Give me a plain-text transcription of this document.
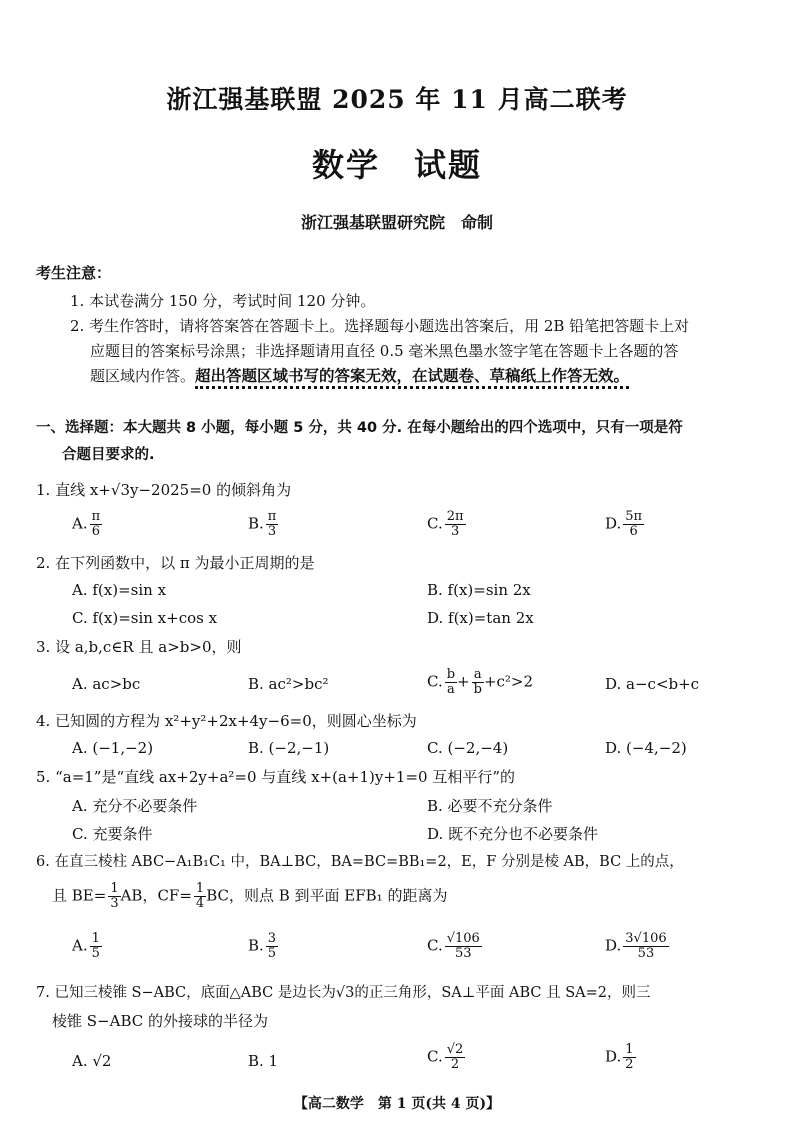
浙江强基联盟 2025 年 11 月高二联考
数学　试题
浙江强基联盟研究院　命制
考生注意：
1. 本试卷满分 150 分，考试时间 120 分钟。
2. 考生作答时，请将答案答在答题卡上。选择题每小题选出答案后，用 2B 铅笔把答题卡上对
应题目的答案标号涂黑；非选择题请用直径 0.5 毫米黑色墨水签字笔在答题卡上各题的答
题区域内作答。超出答题区域书写的答案无效，在试题卷、草稿纸上作答无效。
一、选择题：本大题共 8 小题，每小题 5 分，共 40 分. 在每小题给出的四个选项中，只有一项是符
合题目要求的.
1. 直线 x+√3y−2025=0 的倾斜角为
A. $\frac{\pi}{6}$	B. $\frac{\pi}{3}$	C. $\frac{2\pi}{3}$	D. $\frac{5\pi}{6}$
2. 在下列函数中，以 π 为最小正周期的是
A. f(x)=sin x	B. f(x)=sin 2x
C. f(x)=sin x+cos x	D. f(x)=tan 2x
3. 设 a,b,c∈R 且 a>b>0，则
A. ac>bc	B. ac²>bc²	C. $\frac{b}{a} + \frac{a}{b} +c^2>2$	D. a−c<b+c
4. 已知圆的方程为 x²+y²+2x+4y−6=0，则圆心坐标为
A. (−1,−2)	B. (−2,−1)	C. (−2,−4)	D. (−4,−2)
5. “a=1”是“直线 ax+2y+a²=0 与直线 x+(a+1)y+1=0 互相平行”的
A. 充分不必要条件	B. 必要不充分条件
C. 充要条件	D. 既不充分也不必要条件
6. 在直三棱柱 ABC−A₁B₁C₁ 中，BA⊥BC，BA=BC=BB₁=2，E，F 分别是棱 AB，BC 上的点，
且 $BE= \frac{1}{3}$ AB，$CF= \frac{1}{4}$ BC，则点 B 到平面 EFB₁ 的距离为
A. $\frac{1}{5}$	B. $\frac{3}{5}$	C. $\frac{√106}{53}$	D. $\frac{3√106}{53}$
7. 已知三棱锥 S−ABC，底面△ABC 是边长为√3的正三角形，SA⊥平面 ABC 且 SA=2，则三
棱锥 S−ABC 的外接球的半径为
A. √2	B. 1	C. $\frac{√2}{2}$	D. $\frac{1}{2}$
【高二数学　第 1 页(共 4 页)】
